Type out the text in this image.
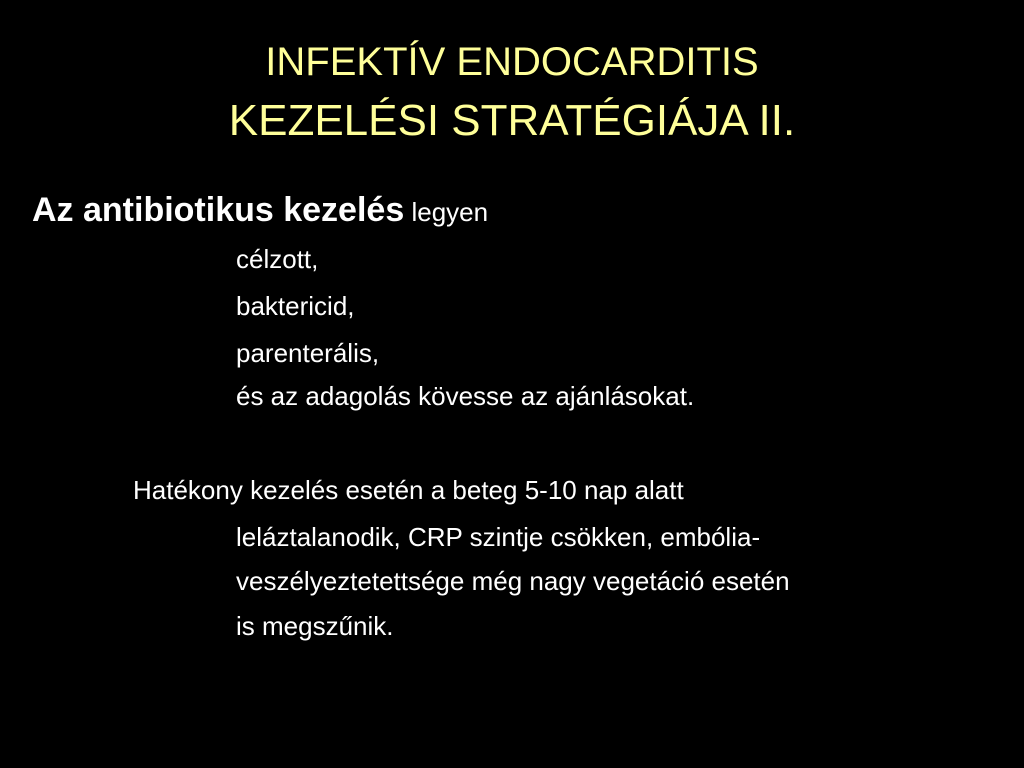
INFEKTÍV ENDOCARDITIS
KEZELÉSI STRATÉGIÁJA II.
Az antibiotikus kezelés legyen
célzott,
baktericid,
parenterális,
és az adagolás kövesse az ajánlásokat.
Hatékony kezelés esetén a beteg 5-10 nap alatt
leláztalanodik, CRP szintje csökken, embólia-
veszélyeztetettsége még nagy vegetáció esetén
is megszűnik.
